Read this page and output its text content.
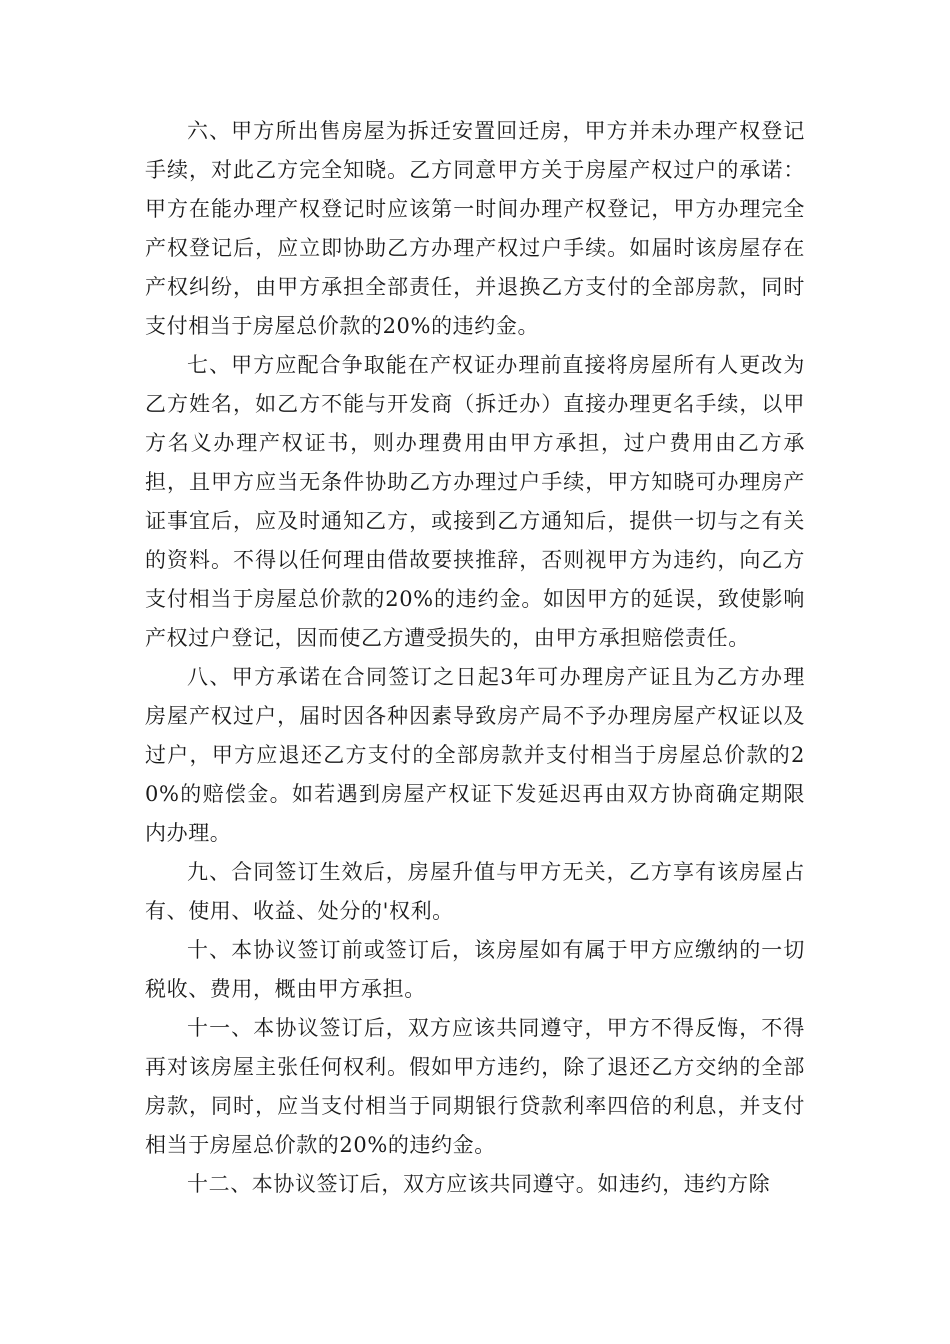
六、甲方所出售房屋为拆迁安置回迁房，甲方并未办理产权登记手续，对此乙方完全知晓。乙方同意甲方关于房屋产权过户的承诺：甲方在能办理产权登记时应该第一时间办理产权登记，甲方办理完全产权登记后，应立即协助乙方办理产权过户手续。如届时该房屋存在产权纠纷，由甲方承担全部责任，并退换乙方支付的全部房款，同时支付相当于房屋总价款的20%的违约金。

七、甲方应配合争取能在产权证办理前直接将房屋所有人更改为乙方姓名，如乙方不能与开发商（拆迁办）直接办理更名手续，以甲方名义办理产权证书，则办理费用由甲方承担，过户费用由乙方承担，且甲方应当无条件协助乙方办理过户手续，甲方知晓可办理房产证事宜后，应及时通知乙方，或接到乙方通知后，提供一切与之有关的资料。不得以任何理由借故要挟推辞，否则视甲方为违约，向乙方支付相当于房屋总价款的20%的违约金。如因甲方的延误，致使影响产权过户登记，因而使乙方遭受损失的，由甲方承担赔偿责任。

八、甲方承诺在合同签订之日起3年可办理房产证且为乙方办理房屋产权过户，届时因各种因素导致房产局不予办理房屋产权证以及过户，甲方应退还乙方支付的全部房款并支付相当于房屋总价款的20%的赔偿金。如若遇到房屋产权证下发延迟再由双方协商确定期限内办理。

九、合同签订生效后，房屋升值与甲方无关，乙方享有该房屋占有、使用、收益、处分的'权利。

十、本协议签订前或签订后，该房屋如有属于甲方应缴纳的一切税收、费用，概由甲方承担。

十一、本协议签订后，双方应该共同遵守，甲方不得反悔，不得再对该房屋主张任何权利。假如甲方违约，除了退还乙方交纳的全部房款，同时，应当支付相当于同期银行贷款利率四倍的利息，并支付相当于房屋总价款的20%的违约金。

十二、本协议签订后，双方应该共同遵守。如违约，违约方除
